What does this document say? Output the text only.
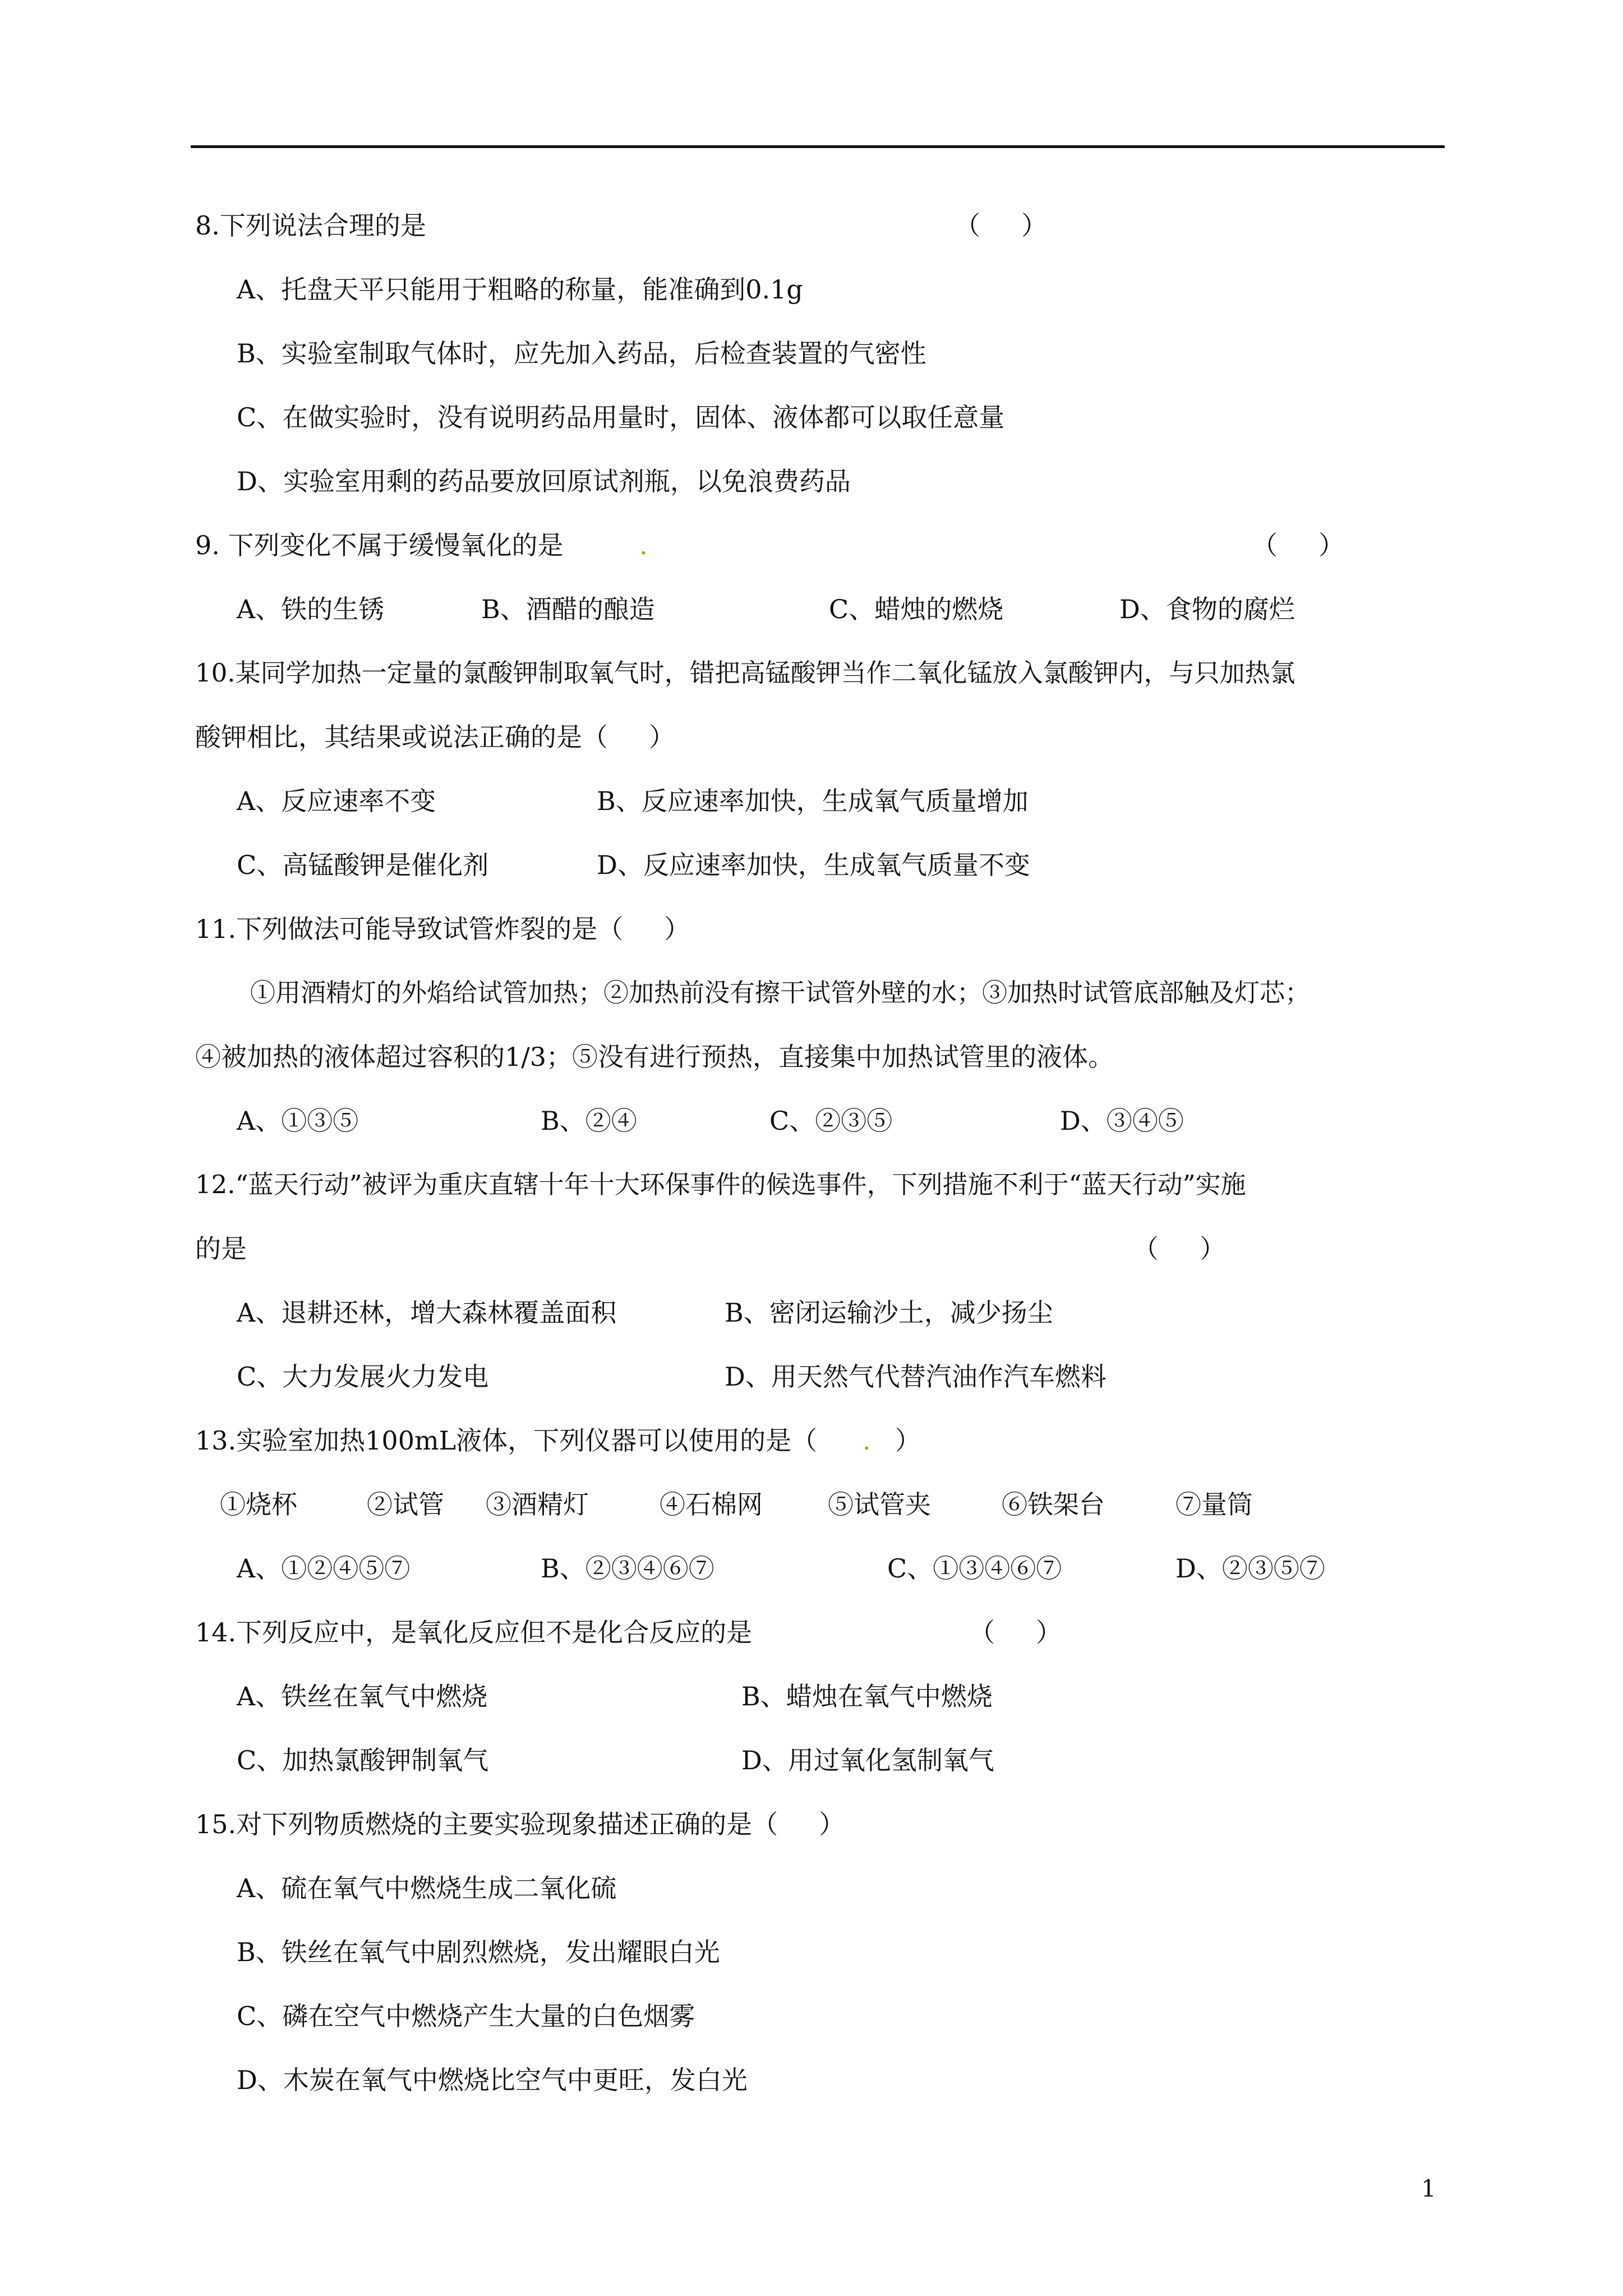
8.下列说法合理的是	（     ）
A、托盘天平只能用于粗略的称量，能准确到0.1g
B、实验室制取气体时，应先加入药品，后检查装置的气密性
C、在做实验时，没有说明药品用量时，固体、液体都可以取任意量
D、实验室用剩的药品要放回原试剂瓶，以免浪费药品
9. 下列变化不属于缓慢氧化的是	.	（     ）
A、铁的生锈	B、酒醋的酿造	C、蜡烛的燃烧	D、食物的腐烂
10.某同学加热一定量的氯酸钾制取氧气时，错把高锰酸钾当作二氧化锰放入氯酸钾内，与只加热氯
酸钾相比，其结果或说法正确的是（     ）
A、反应速率不变	B、反应速率加快，生成氧气质量增加
C、高锰酸钾是催化剂	D、反应速率加快，生成氧气质量不变
11.下列做法可能导致试管炸裂的是（     ）
①用酒精灯的外焰给试管加热；②加热前没有擦干试管外壁的水；③加热时试管底部触及灯芯；
④被加热的液体超过容积的1/3；⑤没有进行预热，直接集中加热试管里的液体。
A、①③⑤	B、②④	C、②③⑤	D、③④⑤
12.“蓝天行动”被评为重庆直辖十年十大环保事件的候选事件，下列措施不利于“蓝天行动”实施
的是	（     ）
A、退耕还林，增大森林覆盖面积	B、密闭运输沙土，减少扬尘
C、大力发展火力发电	D、用天然气代替汽油作汽车燃料
13.实验室加热100mL液体，下列仪器可以使用的是（ . ）
①烧杯	②试管 ③酒精灯	④石棉网	⑤试管夹	⑥铁架台	⑦量筒
A、①②④⑤⑦	B、②③④⑥⑦	C、①③④⑥⑦	D、②③⑤⑦
14.下列反应中，是氧化反应但不是化合反应的是	（     ）
A、铁丝在氧气中燃烧	B、蜡烛在氧气中燃烧
C、加热氯酸钾制氧气	D、用过氧化氢制氧气
15.对下列物质燃烧的主要实验现象描述正确的是（     ）
A、硫在氧气中燃烧生成二氧化硫
B、铁丝在氧气中剧烈燃烧，发出耀眼白光
C、磷在空气中燃烧产生大量的白色烟雾
D、木炭在氧气中燃烧比空气中更旺，发白光
1
